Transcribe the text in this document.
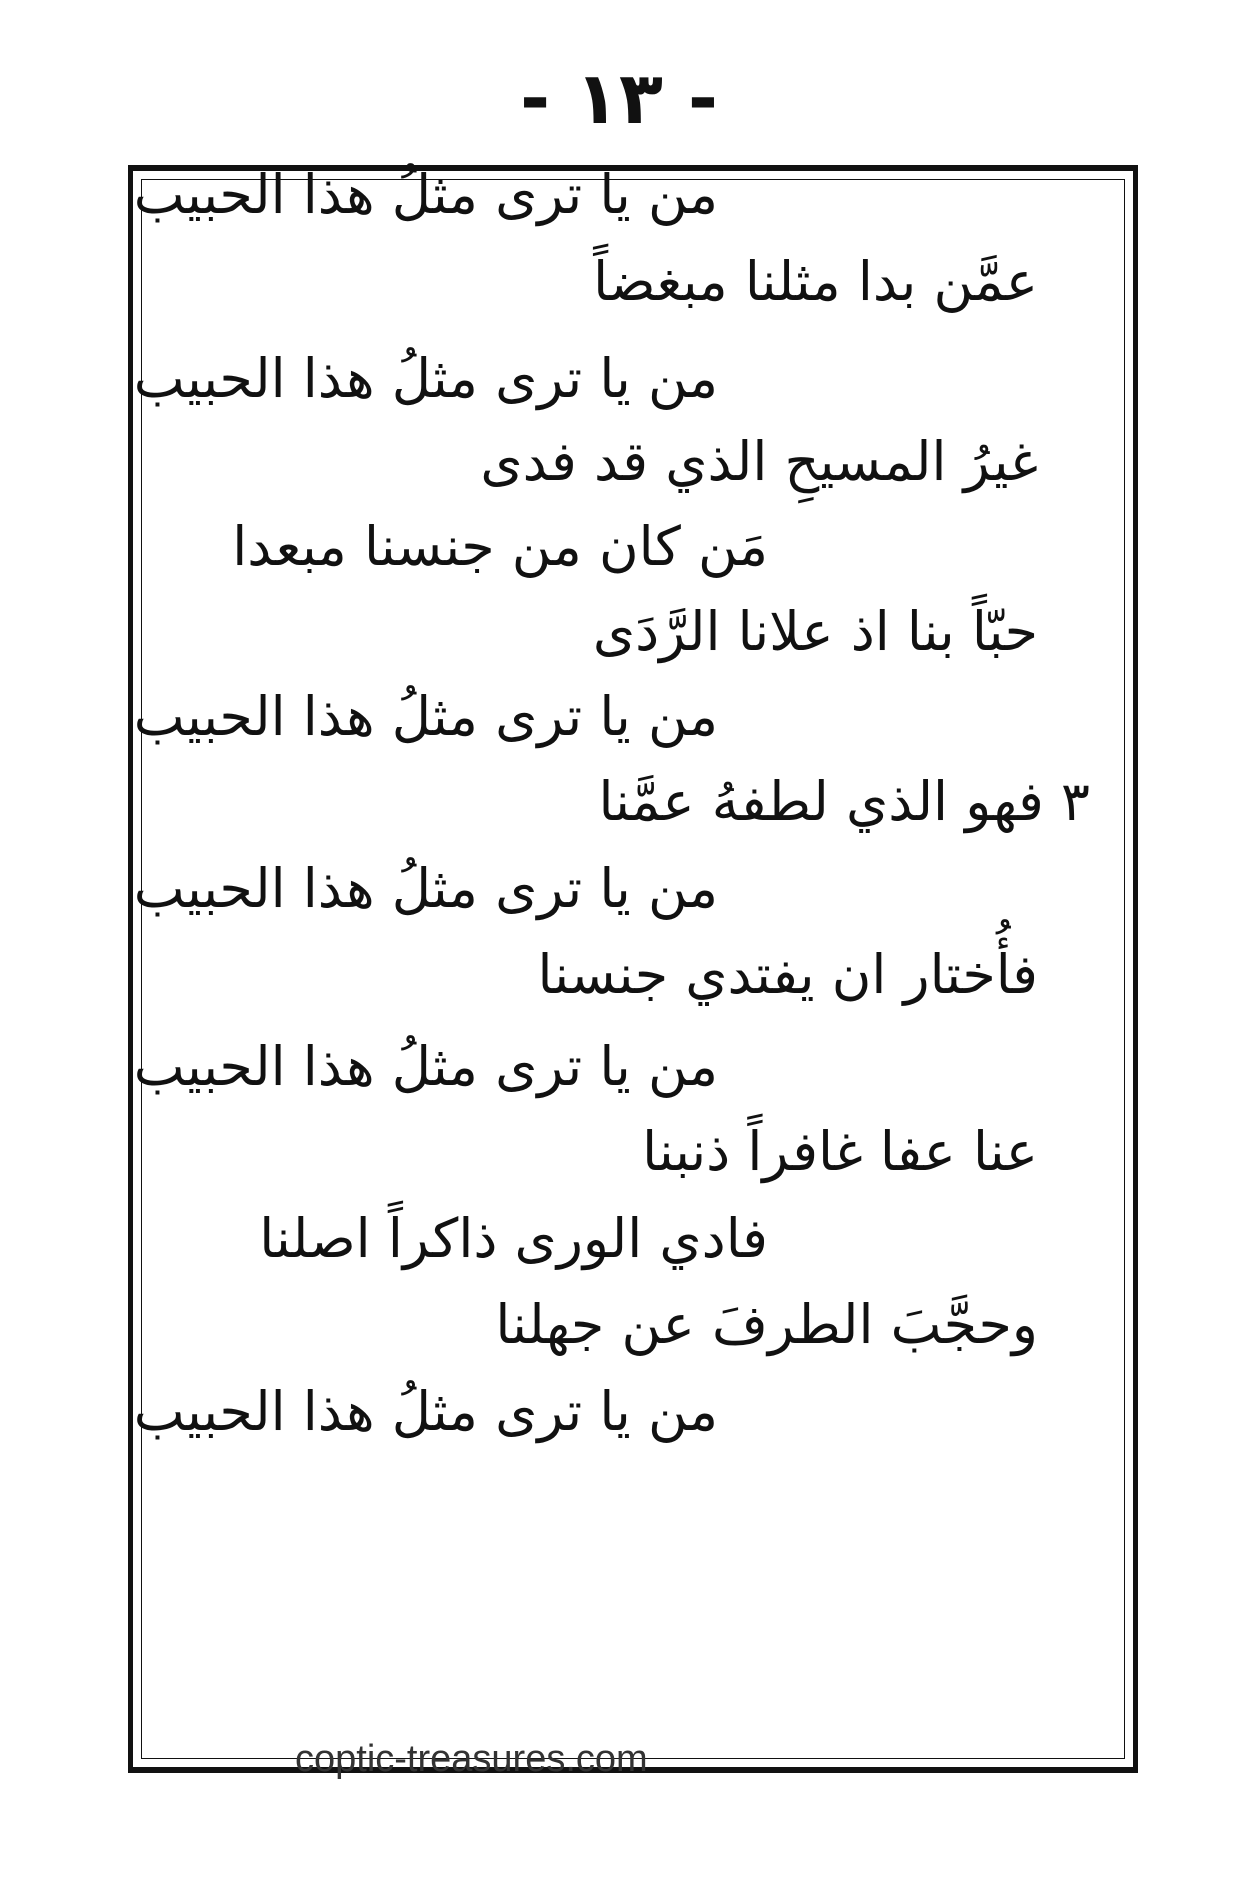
- ١٣ -
من يا ترى مثلُ هذا الحبيب
عمَّن بدا مثلنا مبغضاً
من يا ترى مثلُ هذا الحبيب
غيرُ المسيحِ الذي قد فدى
مَن كان من جنسنا مبعدا
حبّاً بنا اذ علانا الرَّدَى
من يا ترى مثلُ هذا الحبيب
٣ فهو الذي لطفهُ عمَّنا
من يا ترى مثلُ هذا الحبيب
فأُختار ان يفتدي جنسنا
من يا ترى مثلُ هذا الحبيب
عنا عفا غافراً ذنبنا
فادي الورى ذاكراً اصلنا
وحجَّبَ الطرفَ عن جهلنا
من يا ترى مثلُ هذا الحبيب
coptic-treasures.com
